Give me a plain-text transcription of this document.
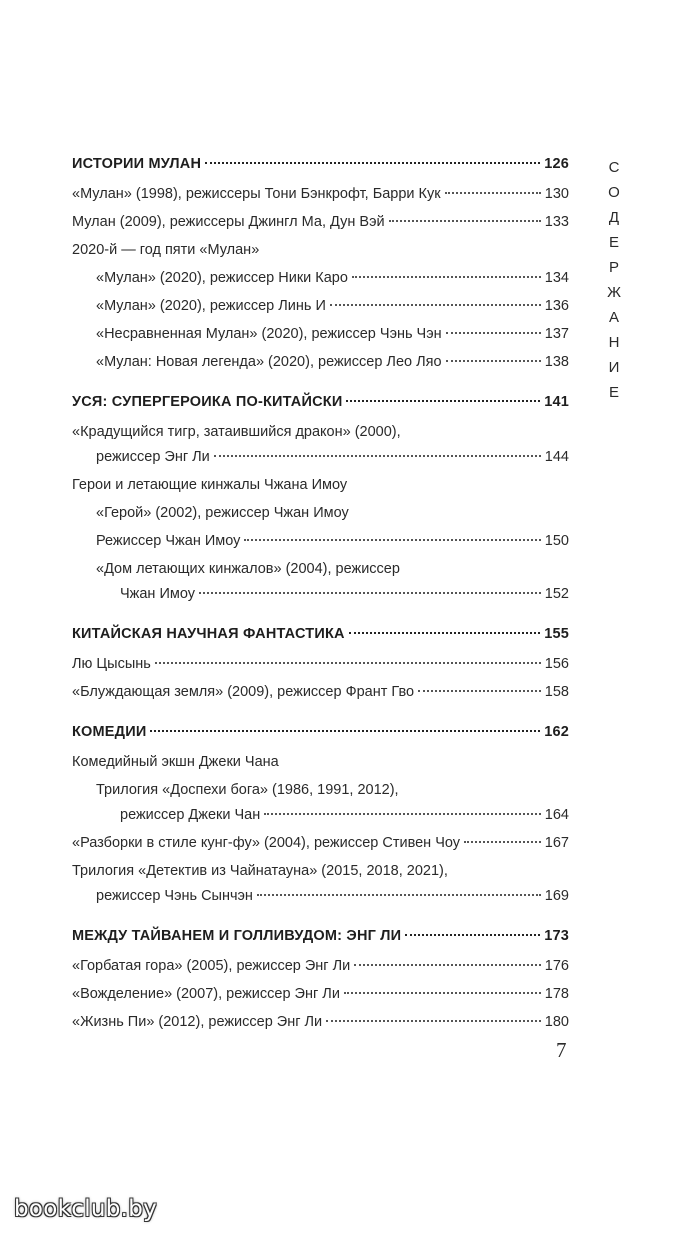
ИСТОРИИ МУЛАН	126
«Мулан» (1998), режиссеры Тони Бэнкрофт, Барри Кук	130
Мулан (2009), режиссеры Джингл Ма, Дун Вэй	133
2020-й — год пяти «Мулан»
«Мулан» (2020), режиссер Ники Каро	134
«Мулан» (2020), режиссер Линь И	136
«Несравненная Мулан» (2020), режиссер Чэнь Чэн	137
«Мулан: Новая легенда» (2020), режиссер Лео Ляо	138
УСЯ: СУПЕРГЕРОИКА ПО-КИТАЙСКИ	141
«Крадущийся тигр, затаившийся дракон» (2000),
режиссер Энг Ли	144
Герои и летающие кинжалы Чжана Имоу
«Герой» (2002), режиссер Чжан Имоу
Режиссер Чжан Имоу	150
«Дом летающих кинжалов» (2004), режиссер
Чжан Имоу	152
КИТАЙСКАЯ НАУЧНАЯ ФАНТАСТИКА	155
Лю Цысынь	156
«Блуждающая земля» (2009), режиссер Франт Гво	158
КОМЕДИИ	162
Комедийный экшн Джеки Чана
Трилогия «Доспехи бога» (1986, 1991, 2012),
режиссер Джеки Чан	164
«Разборки в стиле кунг-фу» (2004), режиссер Стивен Чоу	167
Трилогия «Детектив из Чайнатауна» (2015, 2018, 2021),
режиссер Чэнь Сынчэн	169
МЕЖДУ ТАЙВАНЕМ И ГОЛЛИВУДОМ: ЭНГ ЛИ	173
«Горбатая гора» (2005), режиссер Энг Ли	176
«Вожделение» (2007), режиссер Энг Ли	178
«Жизнь Пи» (2012), режиссер Энг Ли	180
С
О
Д
Е
Р
Ж
А
Н
И
Е
7
bookclub.by
